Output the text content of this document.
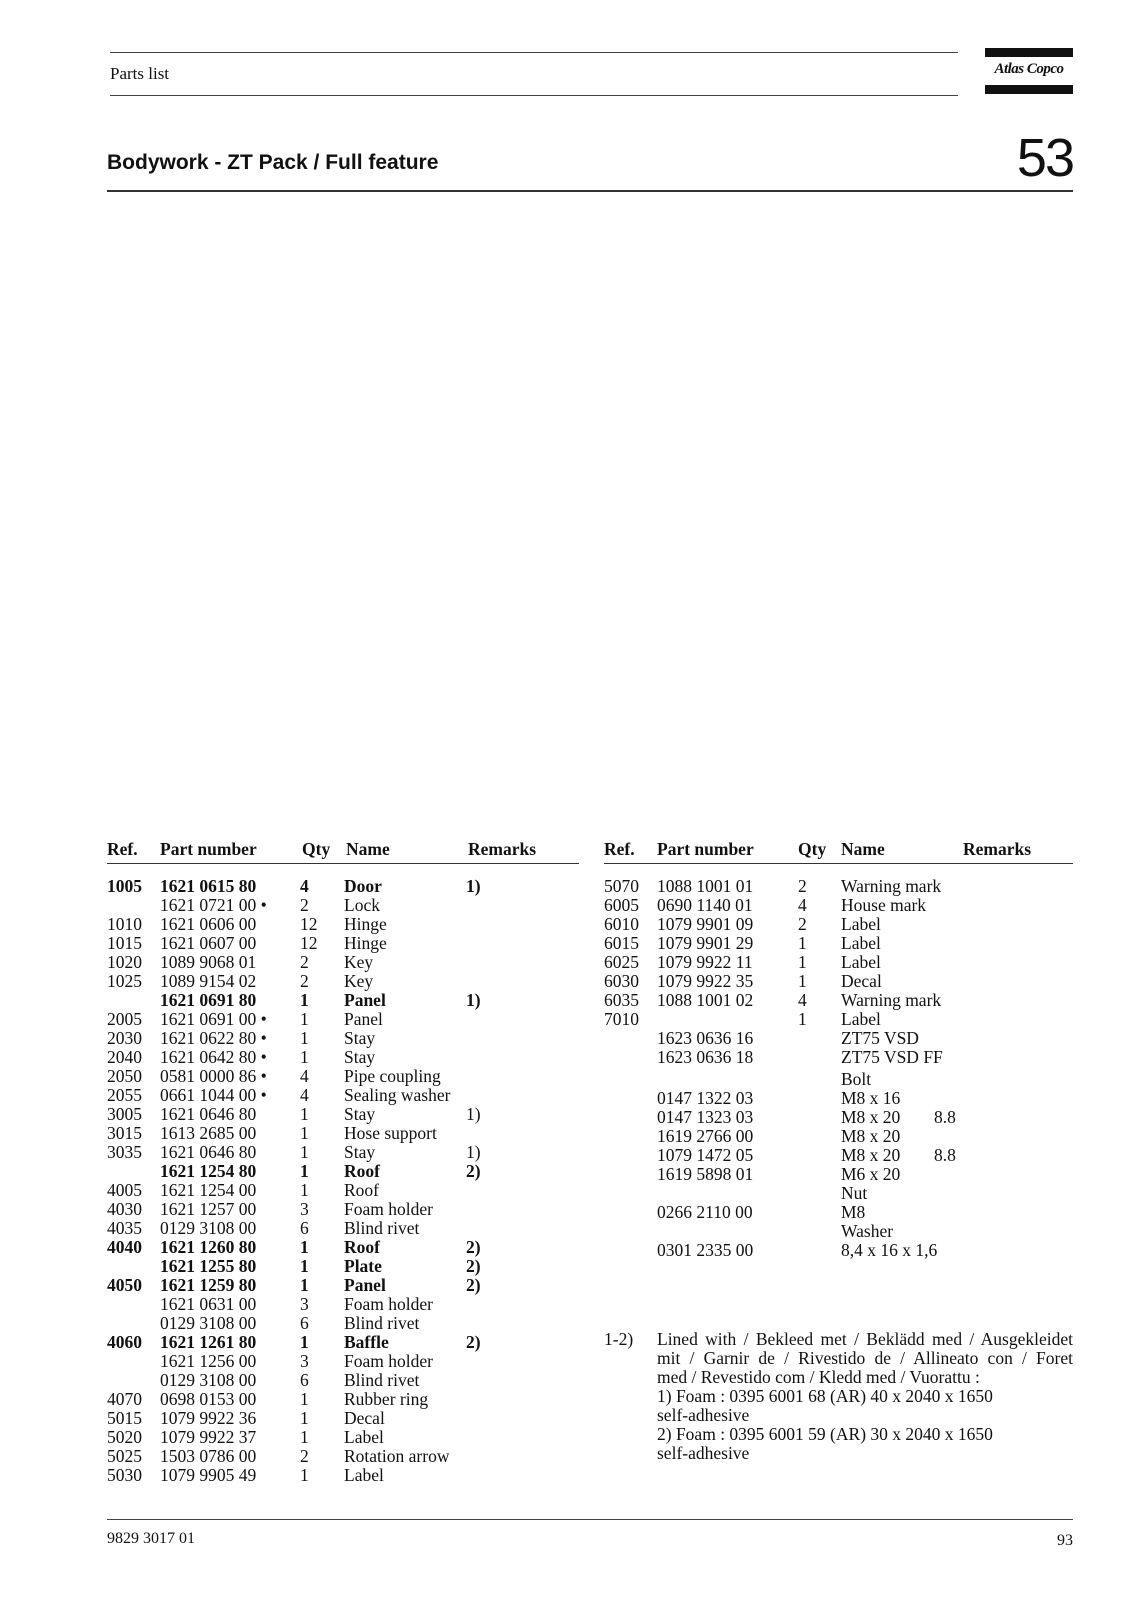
Parts list	Atlas Copco
Bodywork - ZT Pack / Full feature	53
Ref. Part number	Qty Name	Remarks
1005 1621 0615 80	4 Door	1)
1621 0721 00 • 2 Lock
1010 1621 0606 00	12 Hinge
1015 1621 0607 00	12 Hinge
1020 1089 9068 01	2 Key
1025 1089 9154 02	2 Key
1621 0691 80	1 Panel	1)
2005 1621 0691 00 • 1 Panel
2030 1621 0622 80 • 1 Stay
2040 1621 0642 80 • 1 Stay
2050 0581 0000 86 • 4 Pipe coupling
2055 0661 1044 00 • 4 Sealing washer
3005 1621 0646 80	1 Stay	1)
3015 1613 2685 00	1 Hose support
3035 1621 0646 80	1 Stay	1)
1621 1254 80	1 Roof	2)
4005 1621 1254 00	1 Roof
4030 1621 1257 00	3 Foam holder
4035 0129 3108 00	6 Blind rivet
4040 1621 1260 80	1 Roof	2)
1621 1255 80	1 Plate	2)
4050 1621 1259 80	1 Panel	2)
1621 0631 00	3 Foam holder
0129 3108 00	6 Blind rivet
4060 1621 1261 80	1 Baffle	2)
1621 1256 00	3 Foam holder
0129 3108 00	6 Blind rivet
4070 0698 0153 00	1 Rubber ring
5015 1079 9922 36	1 Decal
5020 1079 9922 37	1 Label
5025 1503 0786 00	2 Rotation arrow
5030 1079 9905 49	1 Label
Ref. Part number	Qty Name	Remarks
5070 1088 1001 01	2 Warning mark
6005 0690 1140 01	4 House mark
6010 1079 9901 09	2 Label
6015 1079 9901 29	1 Label
6025 1079 9922 11	1 Label
6030 1079 9922 35	1 Decal
6035 1088 1001 02	4 Warning mark
7010	1 Label
1623 0636 16	ZT75 VSD
1623 0636 18	ZT75 VSD FF
Bolt
0147 1322 03	M8 x 16
0147 1323 03	M8 x 20 8.8
1619 2766 00	M8 x 20
1079 1472 05	M8 x 20 8.8
1619 5898 01	M6 x 20
Nut
0266 2110 00	M8
Washer
0301 2335 00	8,4 x 16 x 1,6
1-2) Lined with / Bekleed met / Beklädd med / Ausgekleidet
mit / Garnir de / Rivestido de / Allineato con / Foret
med / Revestido com / Kledd med / Vuorattu :
1) Foam : 0395 6001 68 (AR) 40 x 2040 x 1650
self-adhesive
2) Foam : 0395 6001 59 (AR) 30 x 2040 x 1650
self-adhesive
9829 3017 01	93
